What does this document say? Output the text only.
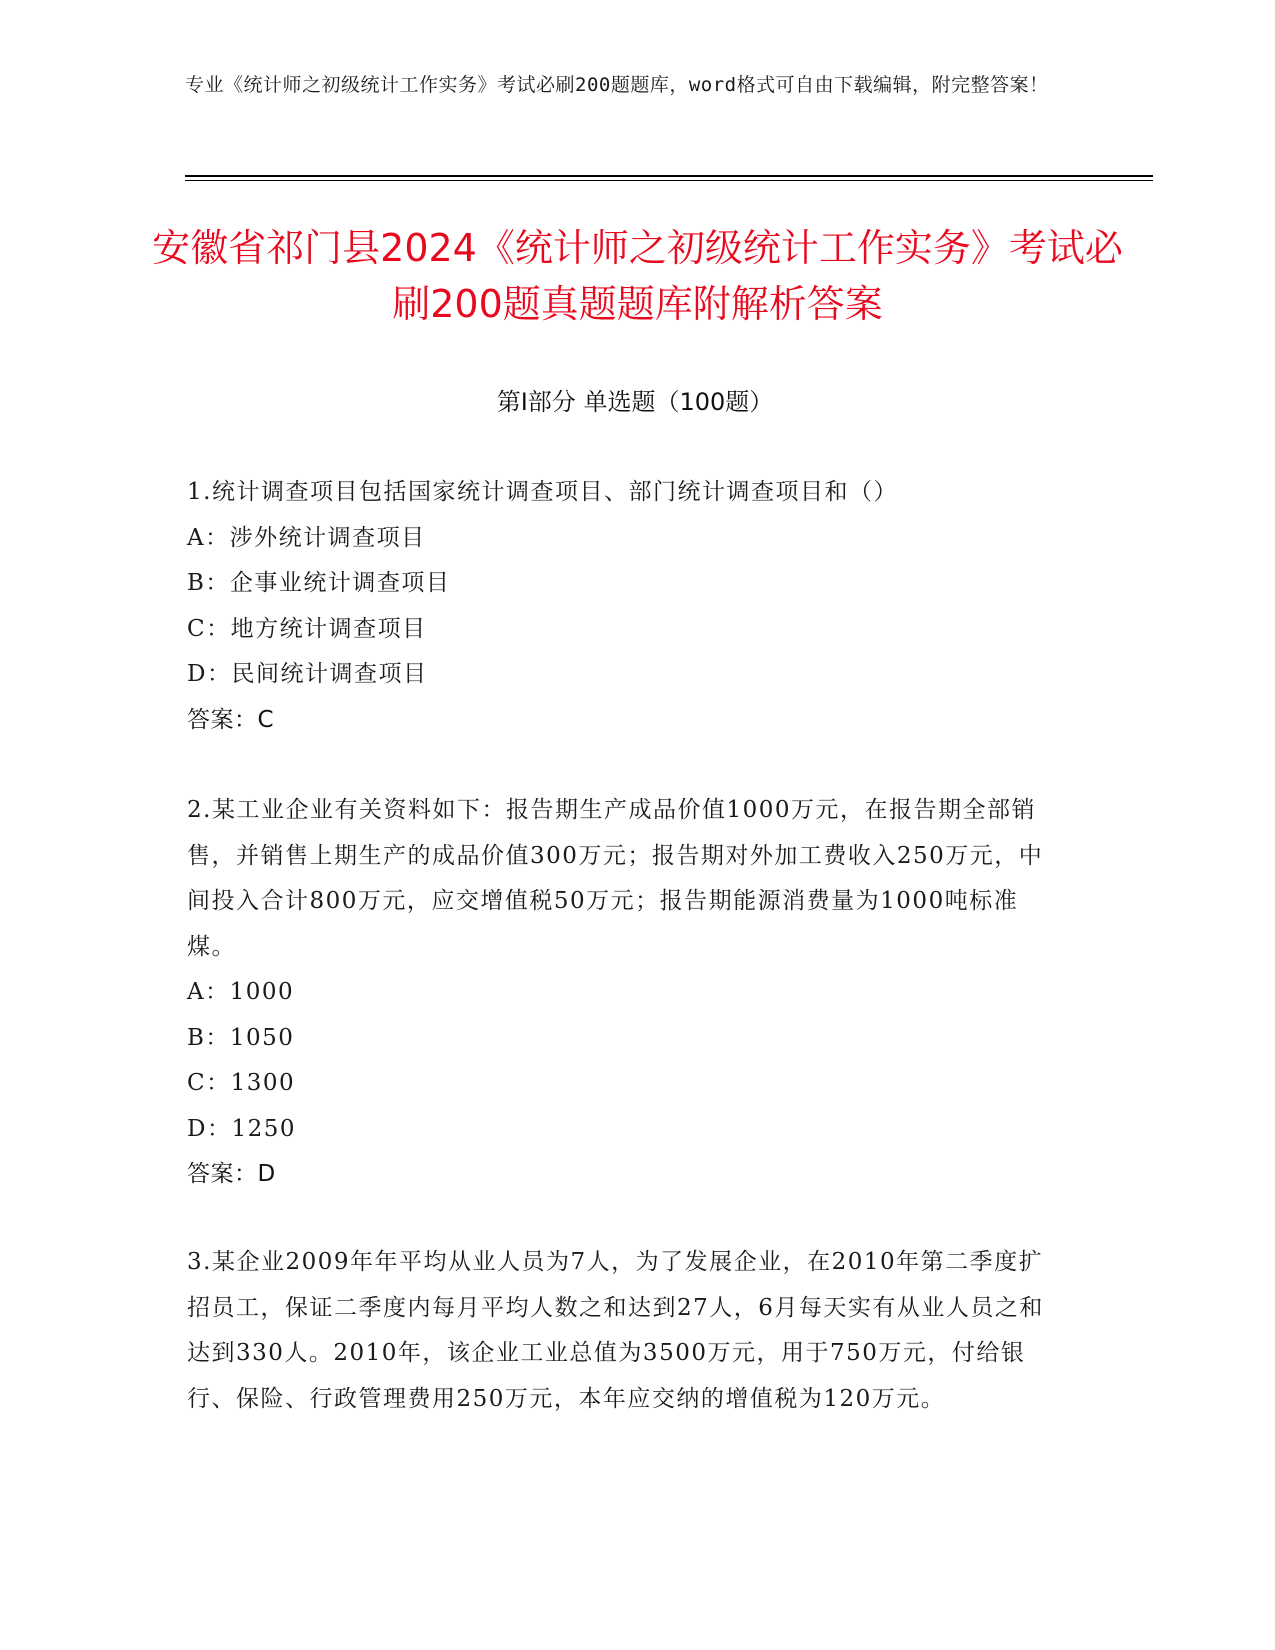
专业《统计师之初级统计工作实务》考试必刷200题题库，word格式可自由下载编辑，附完整答案！
安徽省祁门县2024《统计师之初级统计工作实务》考试必刷200题真题题库附解析答案
第I部分 单选题（100题）
1.统计调查项目包括国家统计调查项目、部门统计调查项目和（）
A：涉外统计调查项目
B：企事业统计调查项目
C：地方统计调查项目
D：民间统计调查项目
答案：C
2.某工业企业有关资料如下：报告期生产成品价值1000万元，在报告期全部销售，并销售上期生产的成品价值300万元；报告期对外加工费收入250万元，中间投入合计800万元，应交增值税50万元；报告期能源消费量为1000吨标准煤。
A：1000
B：1050
C：1300
D：1250
答案：D
3.某企业2009年年平均从业人员为7人，为了发展企业，在2010年第二季度扩招员工，保证二季度内每月平均人数之和达到27人，6月每天实有从业人员之和达到330人。2010年，该企业工业总值为3500万元，用于750万元，付给银行、保险、行政管理费用250万元，本年应交纳的增值税为120万元。
